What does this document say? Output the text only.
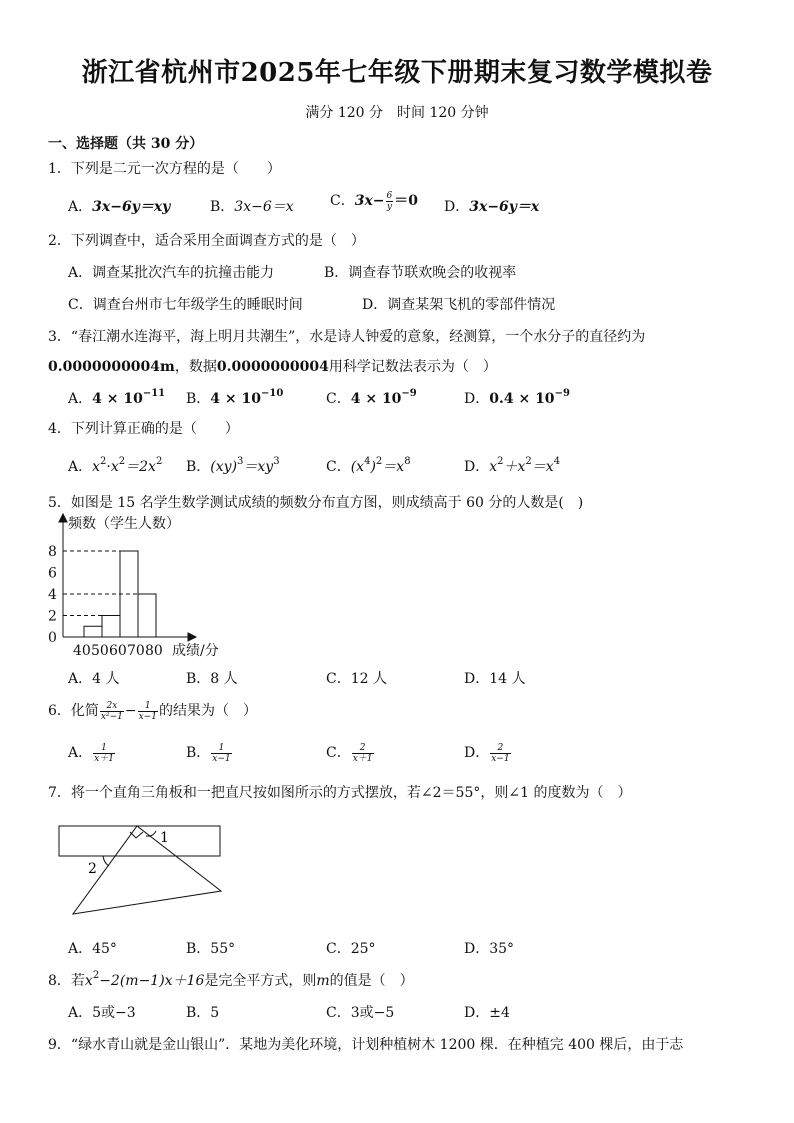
浙江省杭州市2025年七年级下册期末复习数学模拟卷
满分 120 分　时间 120 分钟
一、选择题（共 30 分）
1．下列是二元一次方程的是（　　）
A．3x−6y＝xy	B．3x−6＝x	C．$3x- \frac{6}{y} =0$ D．3x−6y＝x
2．下列调查中，适合采用全面调查方式的是（　）
A．调查某批次汽车的抗撞击能力	B．调查春节联欢晚会的收视率
C．调查台州市七年级学生的睡眠时间	D．调查某架飞机的零部件情况
3．“春江潮水连海平，海上明月共潮生”，水是诗人钟爱的意象，经测算，一个水分子的直径约为
0.0000000004m，数据0.0000000004用科学记数法表示为（　）
A．$4 \times 10^{-11}$ B．$4 \times 10^{-10}$	C．$4 \times 10^{-9}$	D．$0.4 \times 10^{-9}$
4．下列计算正确的是（　　）
A．$x^2\cdot x^2=2x^2$ B．$(xy)^3=xy^3$	C．$(x^4)^2=x^8$	D．$x^2+x^2=x^4$
5．如图是 15 名学生数学测试成绩的频数分布直方图，则成绩高于 60 分的人数是(　)
0
2
4
6
8
40 50 60 70 80
频数（学生人数）
成绩/分
A．4 人	B．8 人	C．12 人	D．14 人
6．化简 $\frac{2x}{\text{x²−1}} - \frac{1}{x-1}$ 的结果为（　）
A． $\frac{1}{x+1}$	B． $\frac{1}{x-1}$	C． $\frac{2}{x+1}$	D． $\frac{2}{x-1}$
7．将一个直角三角板和一把直尺按如图所示的方式摆放，若∠2＝55°，则∠1 的度数为（　）
1
2
A．45°	B．55°	C．25°	D．35°
8．若$x^2-2(m-1)x+16$是完全平方式，则m的值是（　）
A．5或−3	B．5	C．3或−5	D．±4
9．“绿水青山就是金山银山”．某地为美化环境，计划种植树木 1200 棵．在种植完 400 棵后，由于志
